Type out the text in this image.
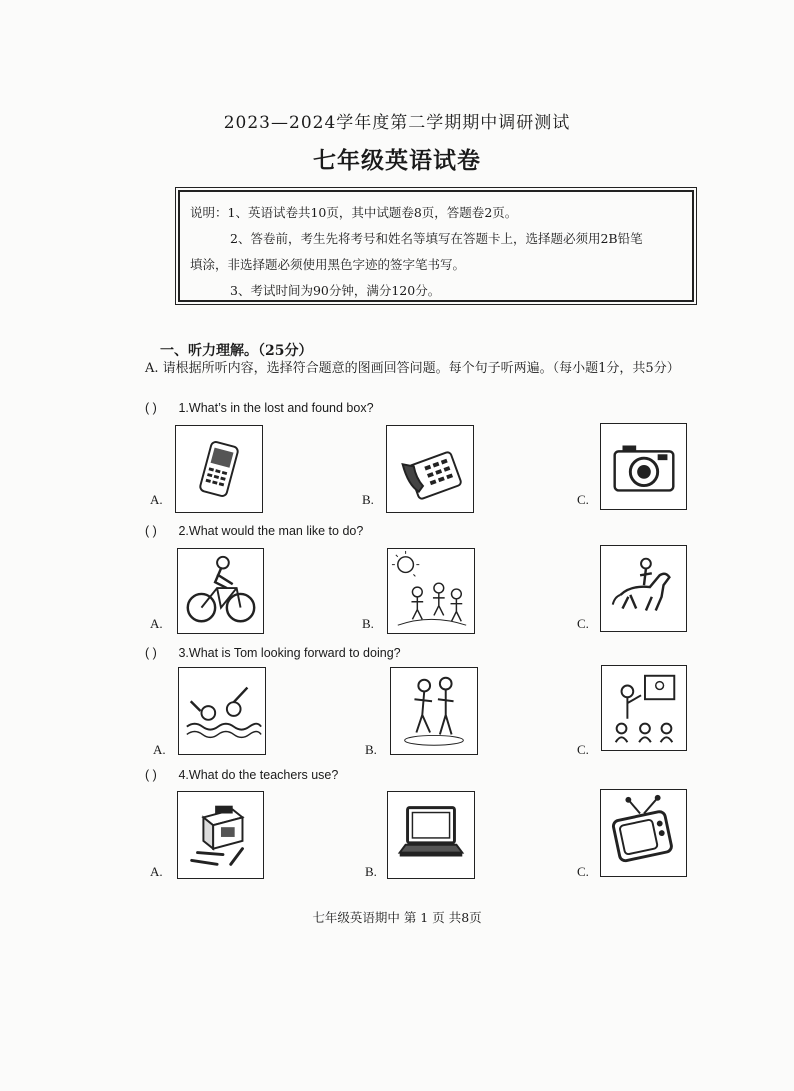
2023—2024学年度第二学期期中调研测试
七年级英语试卷
说明：1、英语试卷共10页，其中试题卷8页，答题卷2页。

2、答卷前，考生先将考号和姓名等填写在答题卡上，选择题必须用2B铅笔

填涂，非选择题必须使用黑色字迹的签字笔书写。

3、考试时间为90分钟，满分120分。

一、听力理解。（25分）
A. 请根据所听内容，选择符合题意的图画回答问题。每个句子听两遍。（每小题1分，共5分）
( ) 1.What’s in the lost and found box?
A.	B.	C.
( ) 2.What would the man like to do?
A.	B.	C.
( ) 3.What is Tom looking forward to doing?
A.	B.	C.
( ) 4.What do the teachers use?
A.	B.	C.
七年级英语期中 第 1 页 共8页
